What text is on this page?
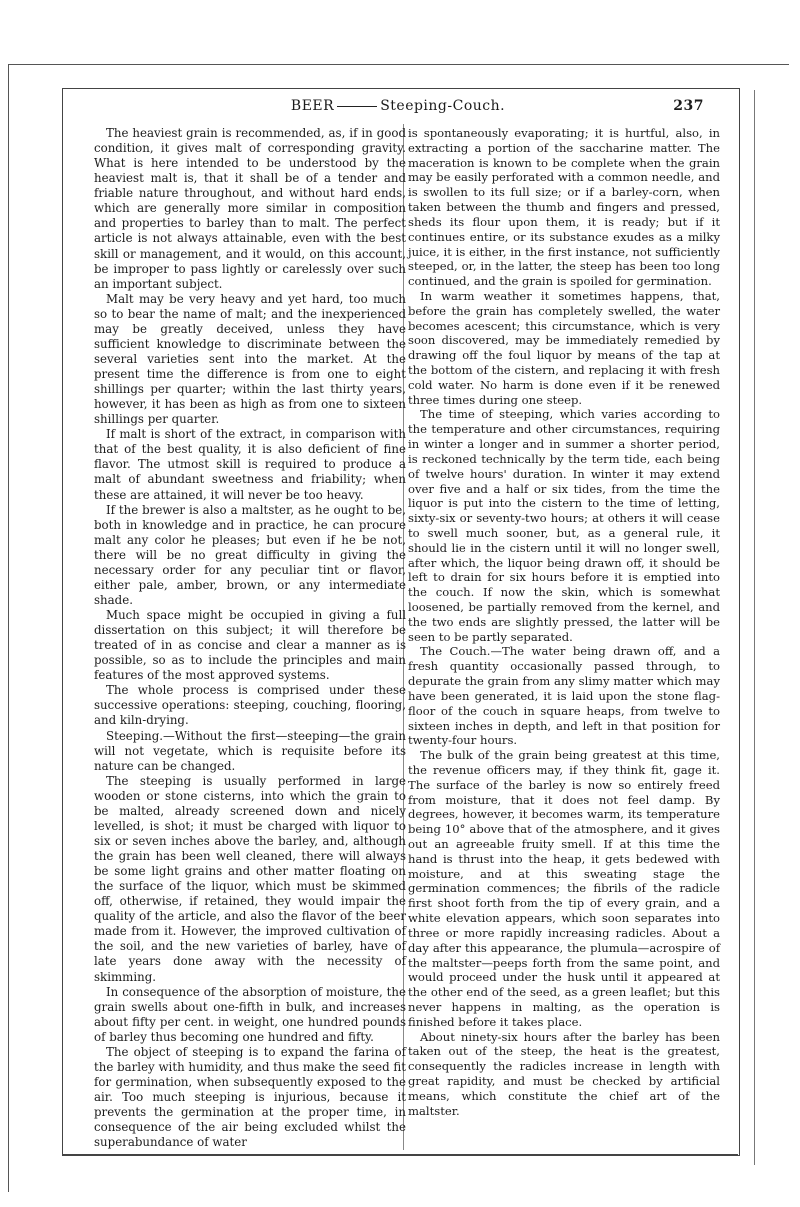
BEER	Steeping-Couch.	237

The heaviest grain is recommended, as, if in good condition, it gives malt of corresponding gravity. What is here intended to be understood by the heaviest malt is, that it shall be of a tender and friable nature throughout, and without hard ends, which are generally more similar in composition and properties to barley than to malt. The perfect article is not always attainable, even with the best skill or management, and it would, on this account, be improper to pass lightly or carelessly over such an important subject.

Malt may be very heavy and yet hard, too much so to bear the name of malt; and the inexperienced may be greatly deceived, unless they have sufficient knowledge to discriminate between the several varieties sent into the market. At the present time the difference is from one to eight shillings per quarter; within the last thirty years, however, it has been as high as from one to sixteen shillings per quarter.

If malt is short of the extract, in comparison with that of the best quality, it is also deficient of fine flavor. The utmost skill is required to produce a malt of abundant sweetness and friability; when these are attained, it will never be too heavy.

If the brewer is also a maltster, as he ought to be, both in knowledge and in practice, he can procure malt any color he pleases; but even if he be not, there will be no great difficulty in giving the necessary order for any peculiar tint or flavor, either pale, amber, brown, or any intermediate shade.

Much space might be occupied in giving a full dissertation on this subject; it will therefore be treated of in as concise and clear a manner as is possible, so as to include the principles and main features of the most approved systems.

The whole process is comprised under these successive operations: steeping, couching, flooring, and kiln-drying.

Steeping.—Without the first—steeping—the grain will not vegetate, which is requisite before its nature can be changed.

The steeping is usually performed in large wooden or stone cisterns, into which the grain to be malted, already screened down and nicely levelled, is shot; it must be charged with liquor to six or seven inches above the barley, and, although the grain has been well cleaned, there will always be some light grains and other matter floating on the surface of the liquor, which must be skimmed off, otherwise, if retained, they would impair the quality of the article, and also the flavor of the beer made from it. However, the improved cultivation of the soil, and the new varieties of barley, have of late years done away with the necessity of skimming.

In consequence of the absorption of moisture, the grain swells about one-fifth in bulk, and increases about fifty per cent. in weight, one hundred pounds of barley thus becoming one hundred and fifty.

The object of steeping is to expand the farina of the barley with humidity, and thus make the seed fit for germination, when subsequently exposed to the air. Too much steeping is injurious, because it prevents the germination at the proper time, in consequence of the air being excluded whilst the superabundance of water

is spontaneously evaporating; it is hurtful, also, in extracting a portion of the saccharine matter. The maceration is known to be complete when the grain may be easily perforated with a common needle, and is swollen to its full size; or if a barley-corn, when taken between the thumb and fingers and pressed, sheds its flour upon them, it is ready; but if it continues entire, or its substance exudes as a milky juice, it is either, in the first instance, not sufficiently steeped, or, in the latter, the steep has been too long continued, and the grain is spoiled for germination.

In warm weather it sometimes happens, that, before the grain has completely swelled, the water becomes acescent; this circumstance, which is very soon discovered, may be immediately remedied by drawing off the foul liquor by means of the tap at the bottom of the cistern, and replacing it with fresh cold water. No harm is done even if it be renewed three times during one steep.

The time of steeping, which varies according to the temperature and other circumstances, requiring in winter a longer and in summer a shorter period, is reckoned technically by the term tide, each being of twelve hours' duration. In winter it may extend over five and a half or six tides, from the time the liquor is put into the cistern to the time of letting, sixty-six or seventy-two hours; at others it will cease to swell much sooner, but, as a general rule, it should lie in the cistern until it will no longer swell, after which, the liquor being drawn off, it should be left to drain for six hours before it is emptied into the couch. If now the skin, which is somewhat loosened, be partially removed from the kernel, and the two ends are slightly pressed, the latter will be seen to be partly separated.

The Couch.—The water being drawn off, and a fresh quantity occasionally passed through, to depurate the grain from any slimy matter which may have been generated, it is laid upon the stone flag-floor of the couch in square heaps, from twelve to sixteen inches in depth, and left in that position for twenty-four hours.

The bulk of the grain being greatest at this time, the revenue officers may, if they think fit, gage it. The surface of the barley is now so entirely freed from moisture, that it does not feel damp. By degrees, however, it becomes warm, its temperature being 10° above that of the atmosphere, and it gives out an agreeable fruity smell. If at this time the hand is thrust into the heap, it gets bedewed with moisture, and at this sweating stage the germination commences; the fibrils of the radicle first shoot forth from the tip of every grain, and a white elevation appears, which soon separates into three or more rapidly increasing radicles. About a day after this appearance, the plumula—acrospire of the maltster—peeps forth from the same point, and would proceed under the husk until it appeared at the other end of the seed, as a green leaflet; but this never happens in malting, as the operation is finished before it takes place.

About ninety-six hours after the barley has been taken out of the steep, the heat is the greatest, consequently the radicles increase in length with great rapidity, and must be checked by artificial means, which constitute the chief art of the maltster.
